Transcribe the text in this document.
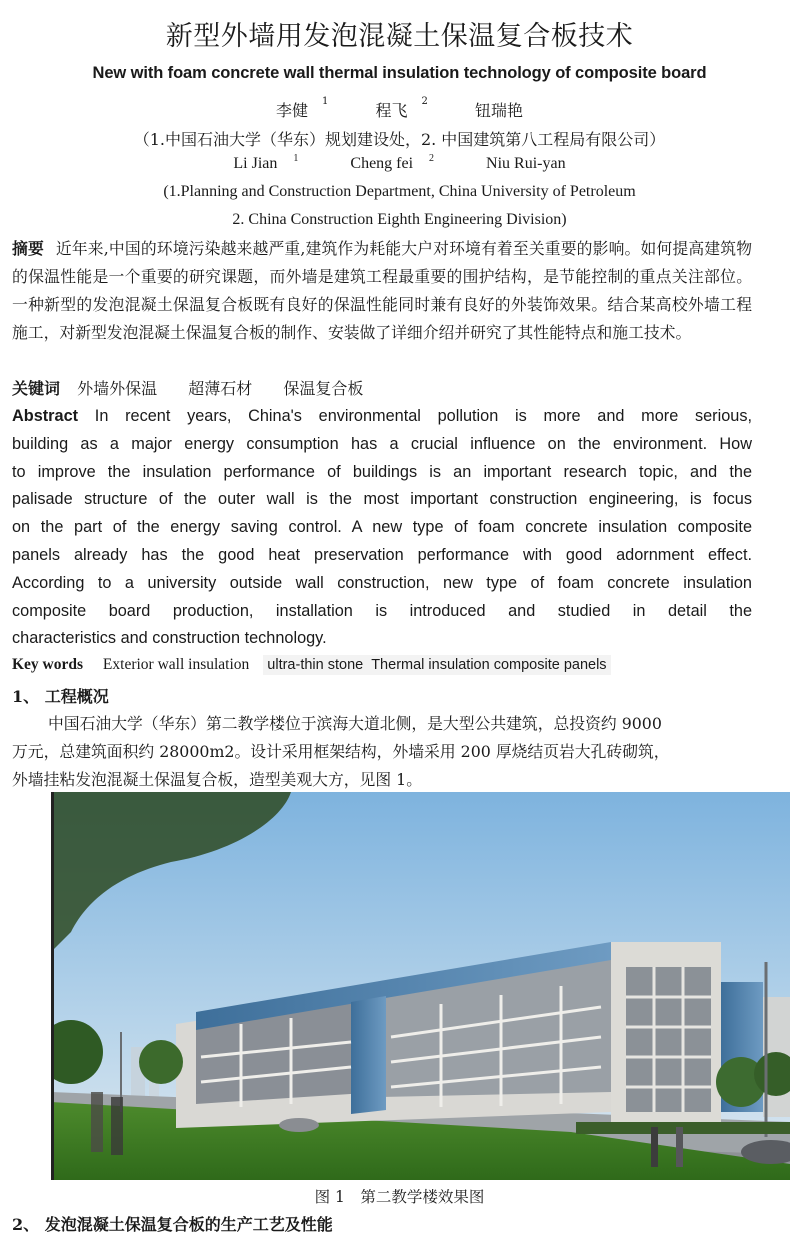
新型外墙用发泡混凝土保温复合板技术
New with foam concrete wall thermal insulation technology of composite board
李健 $^1$	程飞 $^2$	钮瑞艳
（1.中国石油大学（华东）规划建设处，2. 中国建筑第八工程局有限公司）
Li Jian $^1$	Cheng fei $^2$	Niu Rui-yan
(1.Planning and Construction Department, China University of Petroleum
2. China Construction Eighth Engineering Division)
摘要 近年来,中国的环境污染越来越严重,建筑作为耗能大户对环境有着至关重要的影响。如何提高建筑物的保温性能是一个重要的研究课题，而外墙是建筑工程最重要的围护结构，是节能控制的重点关注部位。一种新型的发泡混凝土保温复合板既有良好的保温性能同时兼有良好的外装饰效果。结合某高校外墙工程施工，对新型发泡混凝土保温复合板的制作、安装做了详细介绍并研究了其性能特点和施工技术。
关键词 外墙外保温 超薄石材 保温复合板
Abstract In recent years, China's environmental pollution is more and more serious,
building as a major energy consumption has a crucial influence on the environment. How
to improve the insulation performance of buildings is an important research topic, and the
palisade structure of the outer wall is the most important construction engineering, is focus
on the part of the energy saving control. A new type of foam concrete insulation composite
panels already has the good heat preservation performance with good adornment effect.
According to a university outside wall construction, new type of foam concrete insulation
composite board production, installation is introduced and studied in detail the
characteristics and construction technology.
Key words Exterior wall insulation ultra-thin stone Thermal insulation composite panels
1、 工程概况
中国石油大学（华东）第二教学楼位于滨海大道北侧，是大型公共建筑，总投资约 9000
万元，总建筑面积约 28000m2。设计采用框架结构，外墙采用 200 厚烧结页岩大孔砖砌筑，
外墙挂粘发泡混凝土保温复合板，造型美观大方，见图 1。
图 1　第二教学楼效果图
2、 发泡混凝土保温复合板的生产工艺及性能
